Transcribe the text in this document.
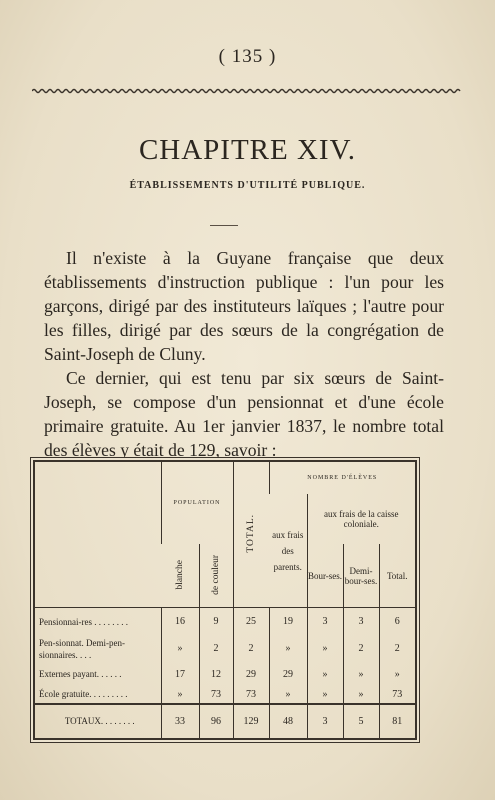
( 135 )
CHAPITRE XIV.
ÉTABLISSEMENTS D'UTILITÉ PUBLIQUE.

Il n'existe à la Guyane française que deux établissements d'instruction publique : l'un pour les garçons, dirigé par des instituteurs laïques ; l'autre pour les filles, dirigé par des sœurs de la congrégation de Saint-Joseph de Cluny.

Ce dernier, qui est tenu par six sœurs de Saint-Joseph, se compose d'un pensionnat et d'une école primaire gratuite. Au 1er janvier 1837, le nombre total des élèves y était de 129, savoir :

	POPULATION		TOTAL.	NOMBRE D'ÉLÈVES			
				aux frais des parents.	aux frais de la caisse coloniale.		
	blanche	de couleur			Bour-ses.	Demi-bour-ses.	Total.

Pensionnai-res . . . . . . . .	16	9	25	19	3	3	6
Pen-sionnat. Demi-pen-sionnaires. . . .	»	2	2	»	»	2	2
Externes payant. . . . . .	17	12	29	29	»	»	»
École gratuite. . . . . . . . .	»	73	73	»	»	»	73
TOTAUX. . . . . . . .	33	96	129	48	3	5	81
